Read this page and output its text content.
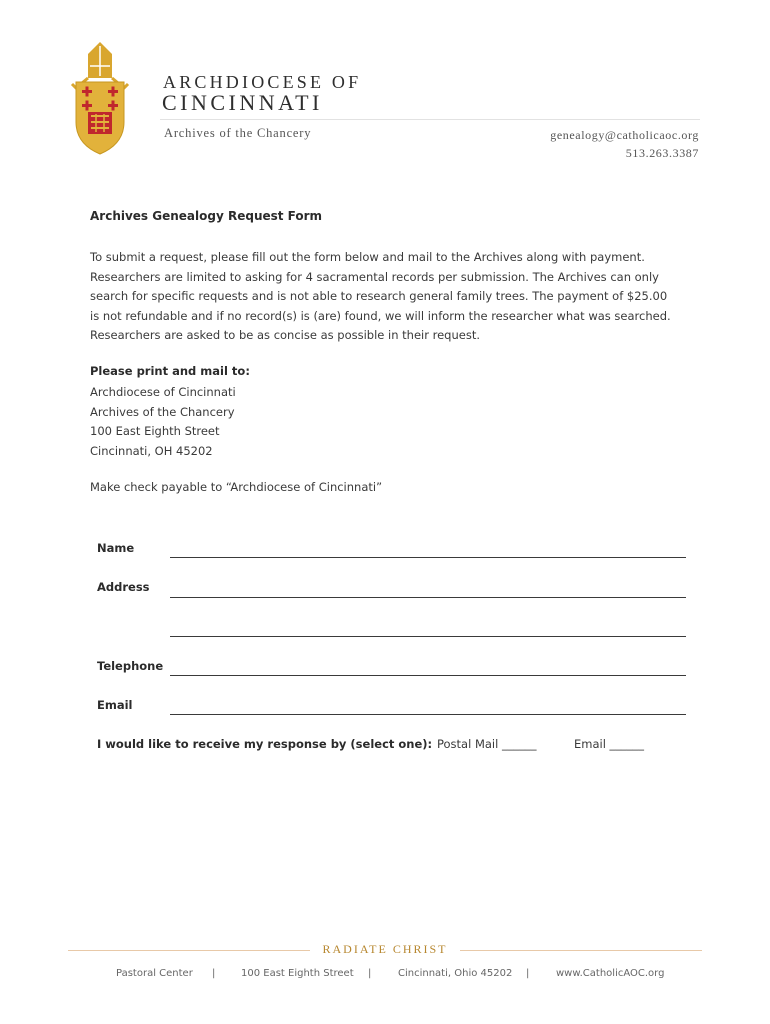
ARCHDIOCESE OF
CINCINNATI
Archives of the Chancery	genealogy@catholicaoc.org
513.263.3387
Archives Genealogy Request Form
To submit a request, please fill out the form below and mail to the Archives along with payment.
Researchers are limited to asking for 4 sacramental records per submission. The Archives can only
search for specific requests and is not able to research general family trees. The payment of $25.00
is not refundable and if no record(s) is (are) found, we will inform the researcher what was searched.
Researchers are asked to be as concise as possible in their request.
Please print and mail to:
Archdiocese of Cincinnati
Archives of the Chancery
100 East Eighth Street
Cincinnati, OH 45202
Make check payable to “Archdiocese of Cincinnati”
Name
Address
Telephone
Email
I would like to receive my response by (select one): Postal Mail ______	Email ______
RADIATE CHRIST
Pastoral Center |	100 East Eighth Street |	Cincinnati, Ohio 45202 |	www.CatholicAOC.org
